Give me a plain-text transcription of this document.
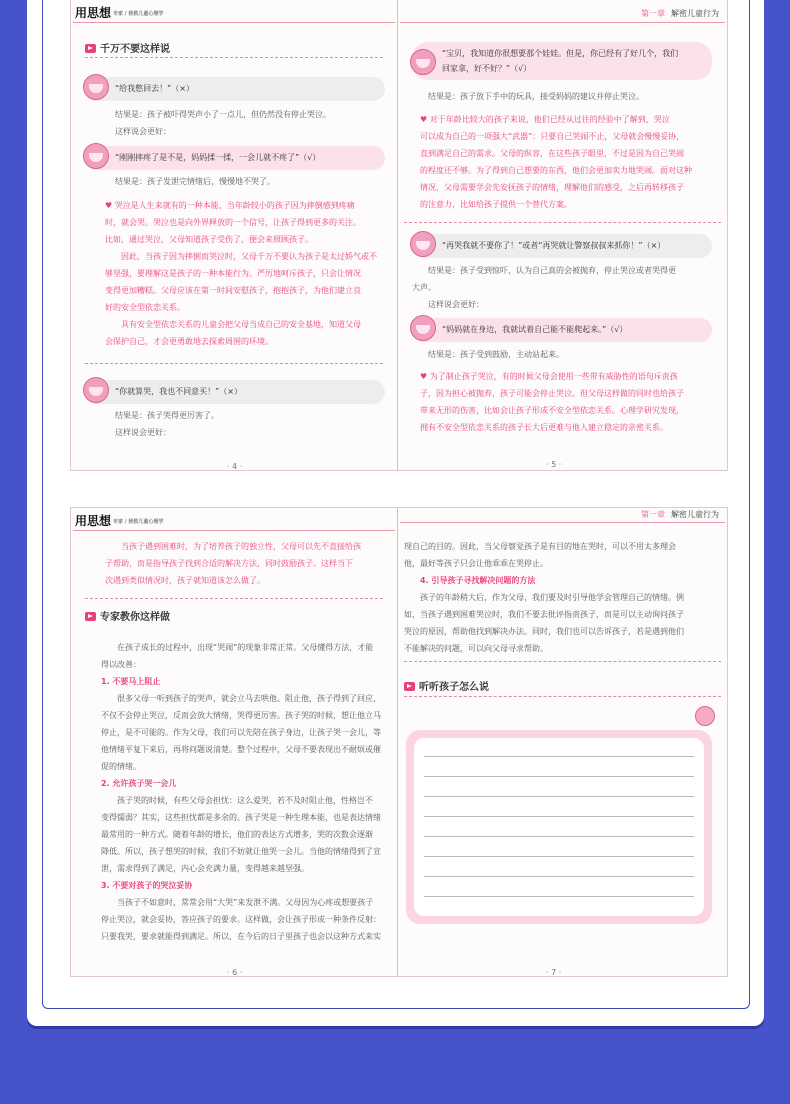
用思想 专家 / 拯救儿童心理学
千万不要这样说
“给我憋回去！”（×）
结果是：孩子被吓得哭声小了一点儿，但仍然没有停止哭泣。
这样说会更好：
“刚刚摔疼了是不是，妈妈揉一揉，一会儿就不疼了”（√）
结果是：孩子发泄完情绪后，慢慢地不哭了。
♥ 哭泣是人生来就有的一种本能，当年龄较小的孩子因为摔倒感到疼痛
时，就会哭。哭泣也是向外界释放的一个信号，让孩子得到更多的关注。
比如，通过哭泣，父母知道孩子受伤了，便会来照顾孩子。
因此，当孩子因为摔倒而哭泣时，父母千万不要认为孩子是太过娇气或不
够坚强，要理解这是孩子的一种本能行为。严厉地呵斥孩子，只会让情况
变得更加糟糕。父母应该在第一时间安慰孩子，抱抱孩子，为他们建立良
好的安全型依恋关系。
具有安全型依恋关系的儿童会把父母当成自己的安全基地，知道父母
会保护自己，才会更勇敢地去探索周围的环境。
“你就算哭，我也不同意买！”（×）
结果是：孩子哭得更厉害了。
这样说会更好：
· 4 ·
第一章 解密儿童行为
“宝贝，我知道你很想要那个娃娃。但是，你已经有了好几个，我们
回家拿，好不好？”（√）
结果是：孩子放下手中的玩具，接受妈妈的建议并停止哭泣。
♥ 对于年龄比较大的孩子来说，他们已经从过往的经验中了解到，哭泣
可以成为自己的一项强大“武器”：只要自己哭闹不止，父母就会慢慢妥协，
直到满足自己的需求。父母的纵容，在这些孩子眼里，不过是因为自己哭闹
的程度还不够。为了得到自己想要的东西，他们会更加卖力地哭闹。面对这种
情况，父母需要学会先安抚孩子的情绪，理解他们的感受，之后再转移孩子
的注意力，比如给孩子提供一个替代方案。
“再哭我就不要你了！”或者“再哭就让警察叔叔来抓你！”（×）
结果是：孩子受到惊吓，认为自己真的会被抛弃，停止哭泣或者哭得更
大声。
这样说会更好：
“妈妈就在身边，我就试着自己能不能爬起来。”（√）
结果是：孩子受到鼓励，主动站起来。
♥ 为了制止孩子哭泣，有的时候父母会使用一些带有威胁性的语句斥责孩
子，因为担心被抛弃，孩子可能会停止哭泣。但父母这样做的同时也给孩子
带来无形的伤害，比如会让孩子形成不安全型依恋关系。心理学研究发现，
拥有不安全型依恋关系的孩子长大后更难与他人建立稳定的亲密关系。
· 5 ·
用思想 专家 / 拯救儿童心理学
当孩子遇到困难时，为了培养孩子的独立性，父母可以先不直接给孩
子帮助，而是指导孩子找到合适的解决方法，同时鼓励孩子。这样当下
次遇到类似情况时，孩子就知道该怎么做了。
专家教你这样做
在孩子成长的过程中，出现“哭闹”的现象非常正常。父母懂得方法，才能
得以改善：
1. 不要马上阻止
很多父母一听到孩子的哭声，就会立马去哄他、阻止他，孩子得到了回应，
不仅不会停止哭泣，反而会放大情绪，哭得更厉害。孩子哭的时候，想让他立马
停止，是不可能的。作为父母，我们可以先陪在孩子身边，让孩子哭一会儿，等
他情绪平复下来后，再将问题说清楚。整个过程中，父母不要表现出不耐烦或催
促的情绪。
2. 允许孩子哭一会儿
孩子哭的时候，有些父母会担忧：这么爱哭，若不及时阻止他，性格岂不
变得懦弱？其实，这些担忧都是多余的。孩子哭是一种生理本能，也是表达情绪
最常用的一种方式。随着年龄的增长，他们的表达方式增多，哭的次数会逐渐
降低。所以，孩子想哭的时候，我们不妨就让他哭一会儿。当他的情绪得到了宣
泄，需求得到了满足，内心会充满力量，变得越来越坚强。
3. 不要对孩子的哭泣妥协
当孩子不如意时，常常会用“大哭”来发泄不满。父母因为心疼或想要孩子
停止哭泣，就会妥协，答应孩子的要求。这样做，会让孩子形成一种条件反射：
只要我哭，要求就能得到满足。所以，在今后的日子里孩子也会以这种方式来实
· 6 ·
第一章 解密儿童行为
现自己的目的。因此，当父母察觉孩子是有目的地在哭时，可以不用太多理会
他，最好等孩子只会让他乖乖在哭停止。
4. 引导孩子寻找解决问题的方法
孩子的年龄稍大后，作为父母，我们要及时引导他学会管理自己的情绪。例
如，当孩子遇到困难哭泣时，我们不要去批评指责孩子，而是可以主动询问孩子
哭泣的原因，帮助他找到解决办法。同时，我们也可以告诉孩子，若是遇到他们
不能解决的问题，可以向父母寻求帮助。
听听孩子怎么说
· 7 ·
